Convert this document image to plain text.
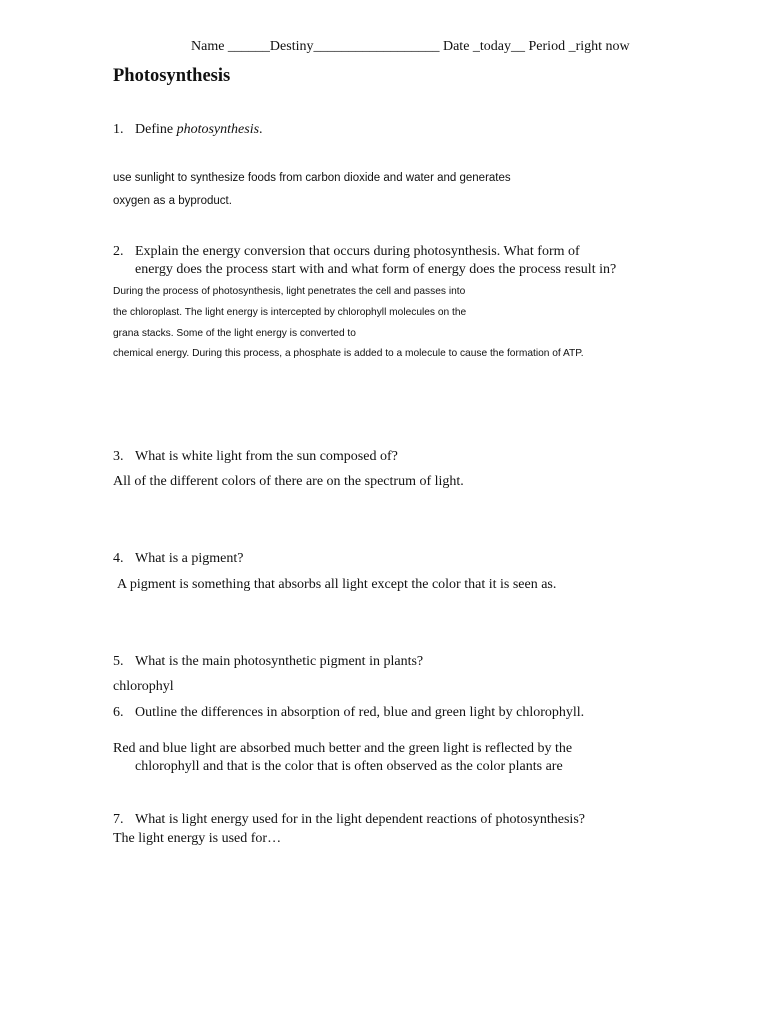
Name ______Destiny__________________ Date _today__ Period _right now
Photosynthesis
1. Define photosynthesis.
use sunlight to synthesize foods from carbon dioxide and water and generates
oxygen as a byproduct.
2. Explain the energy conversion that occurs during photosynthesis. What form of
energy does the process start with and what form of energy does the process result in?
During the process of photosynthesis, light penetrates the cell and passes into
the chloroplast. The light energy is intercepted by chlorophyll molecules on the
grana stacks. Some of the light energy is converted to
chemical energy. During this process, a phosphate is added to a molecule to cause the formation of ATP.
3. What is white light from the sun composed of?
All of the different colors of there are on the spectrum of light.
4. What is a pigment?
A pigment is something that absorbs all light except the color that it is seen as.
5. What is the main photosynthetic pigment in plants?
chlorophyl
6. Outline the differences in absorption of red, blue and green light by chlorophyll.
Red and blue light are absorbed much better and the green light is reflected by the
chlorophyll and that is the color that is often observed as the color plants are
7. What is light energy used for in the light dependent reactions of photosynthesis?
The light energy is used for…
